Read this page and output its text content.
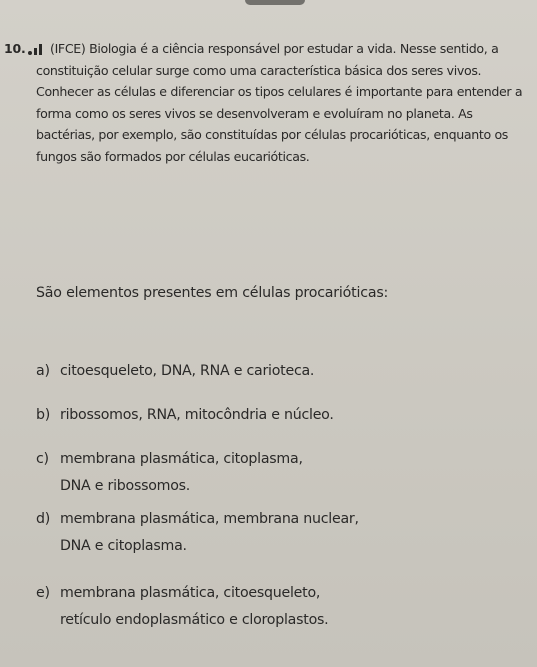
10.	(IFCE) Biologia é a ciência responsável por estudar a vida. Nesse sentido, a constituição celular surge como uma característica básica dos seres vivos. Conhecer as células e diferenciar os tipos celulares é importante para entender a forma como os seres vivos se desenvolveram e evoluíram no planeta. As bactérias, por exemplo, são constituídas por células procarióticas, enquanto os fungos são formados por células eucarióticas.
São elementos presentes em células procarióticas:
a) citoesqueleto, DNA, RNA e carioteca.
b) ribossomos, RNA, mitocôndria e núcleo.
c) membrana plasmática, citoplasma,
DNA e ribossomos.
d) membrana plasmática, membrana nuclear,
DNA e citoplasma.
e) membrana plasmática, citoesqueleto,
retículo endoplasmático e cloroplastos.
